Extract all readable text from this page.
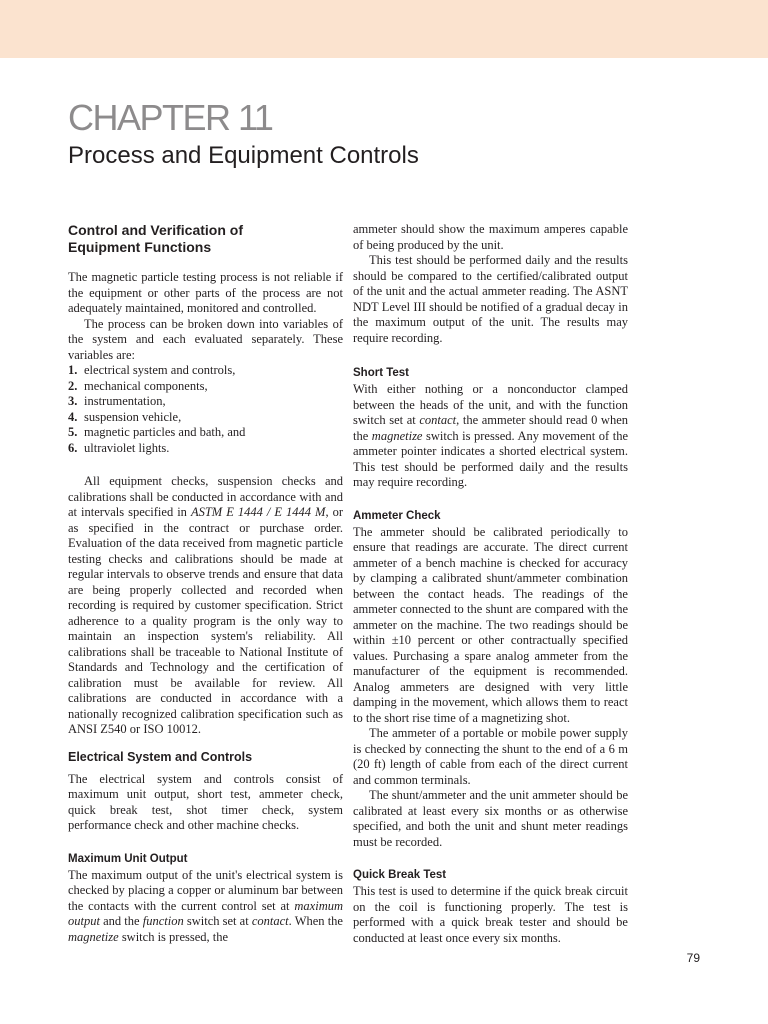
CHAPTER 11
Process and Equipment Controls
Control and Verification of Equipment Functions

The magnetic particle testing process is not reliable if the equipment or other parts of the process are not adequately maintained, monitored and controlled.

The process can be broken down into variables of the system and each evaluated separately. These variables are:

1. electrical system and controls,
2. mechanical components,
3. instrumentation,
4. suspension vehicle,
5. magnetic particles and bath, and
6. ultraviolet lights.

All equipment checks, suspension checks and calibrations shall be conducted in accordance with and at intervals specified in ASTM E 1444 / E 1444 M, or as specified in the contract or purchase order. Evaluation of the data received from magnetic particle testing checks and calibrations should be made at regular intervals to observe trends and ensure that data are being properly collected and recorded when recording is required by customer specification. Strict adherence to a quality program is the only way to maintain an inspection system's reliability. All calibrations shall be traceable to National Institute of Standards and Technology and the certification of calibration must be available for review. All calibrations are conducted in accordance with a nationally recognized calibration specification such as ANSI Z540 or ISO 10012.

Electrical System and Controls

The electrical system and controls consist of maximum unit output, short test, ammeter check, quick break test, shot timer check, system performance check and other machine checks.

Maximum Unit Output

The maximum output of the unit's electrical system is checked by placing a copper or aluminum bar between the contacts with the current control set at maximum output and the function switch set at contact. When the magnetize switch is pressed, the

ammeter should show the maximum amperes capable of being produced by the unit.

This test should be performed daily and the results should be compared to the certified/calibrated output of the unit and the actual ammeter reading. The ASNT NDT Level III should be notified of a gradual decay in the maximum output of the unit. The results may require recording.

Short Test

With either nothing or a nonconductor clamped between the heads of the unit, and with the function switch set at contact, the ammeter should read 0 when the magnetize switch is pressed. Any movement of the ammeter pointer indicates a shorted electrical system. This test should be performed daily and the results may require recording.

Ammeter Check

The ammeter should be calibrated periodically to ensure that readings are accurate. The direct current ammeter of a bench machine is checked for accuracy by clamping a calibrated shunt/ammeter combination between the contact heads. The readings of the ammeter connected to the shunt are compared with the ammeter on the machine. The two readings should be within ±10 percent or other contractually specified values. Purchasing a spare analog ammeter from the manufacturer of the equipment is recommended. Analog ammeters are designed with very little damping in the movement, which allows them to react to the short rise time of a magnetizing shot.

The ammeter of a portable or mobile power supply is checked by connecting the shunt to the end of a 6 m (20 ft) length of cable from each of the direct current and common terminals.

The shunt/ammeter and the unit ammeter should be calibrated at least every six months or as otherwise specified, and both the unit and shunt meter readings must be recorded.

Quick Break Test

This test is used to determine if the quick break circuit on the coil is functioning properly. The test is performed with a quick break tester and should be conducted at least once every six months.

79
